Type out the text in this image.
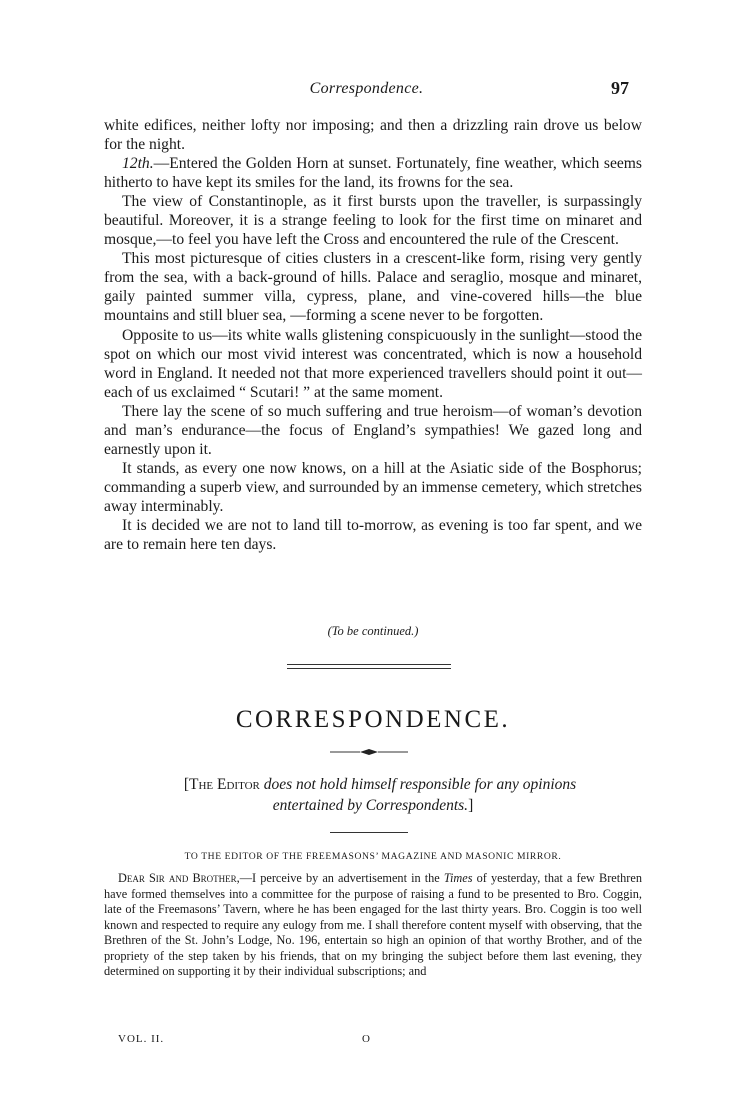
Correspondence.	97

white edifices, neither lofty nor imposing; and then a drizzling rain drove us below for the night.

12th.—Entered the Golden Horn at sunset. Fortunately, fine weather, which seems hitherto to have kept its smiles for the land, its frowns for the sea.

The view of Constantinople, as it first bursts upon the traveller, is surpassingly beautiful. Moreover, it is a strange feeling to look for the first time on minaret and mosque,—to feel you have left the Cross and encountered the rule of the Crescent.

This most picturesque of cities clusters in a crescent-like form, rising very gently from the sea, with a back-ground of hills. Palace and seraglio, mosque and minaret, gaily painted summer villa, cypress, plane, and vine-covered hills—the blue mountains and still bluer sea, —forming a scene never to be forgotten.

Opposite to us—its white walls glistening conspicuously in the sunlight—stood the spot on which our most vivid interest was concentrated, which is now a household word in England. It needed not that more experienced travellers should point it out—each of us exclaimed “ Scutari! ” at the same moment.

There lay the scene of so much suffering and true heroism—of woman’s devotion and man’s endurance—the focus of England’s sympathies! We gazed long and earnestly upon it.

It stands, as every one now knows, on a hill at the Asiatic side of the Bosphorus; commanding a superb view, and surrounded by an immense cemetery, which stretches away interminably.

It is decided we are not to land till to-morrow, as evening is too far spent, and we are to remain here ten days.

(To be continued.)
CORRESPONDENCE.
[The Editor does not hold himself responsible for any opinions
entertained by Correspondents.]
TO THE EDITOR OF THE FREEMASONS’ MAGAZINE AND MASONIC MIRROR.

Dear Sir and Brother,—I perceive by an advertisement in the Times of yesterday, that a few Brethren have formed themselves into a committee for the purpose of raising a fund to be presented to Bro. Coggin, late of the Freemasons’ Tavern, where he has been engaged for the last thirty years. Bro. Coggin is too well known and respected to require any eulogy from me. I shall therefore content myself with observing, that the Brethren of the St. John’s Lodge, No. 196, entertain so high an opinion of that worthy Brother, and of the propriety of the step taken by his friends, that on my bringing the subject before them last evening, they determined on supporting it by their individual subscriptions; and

VOL. II.	O
